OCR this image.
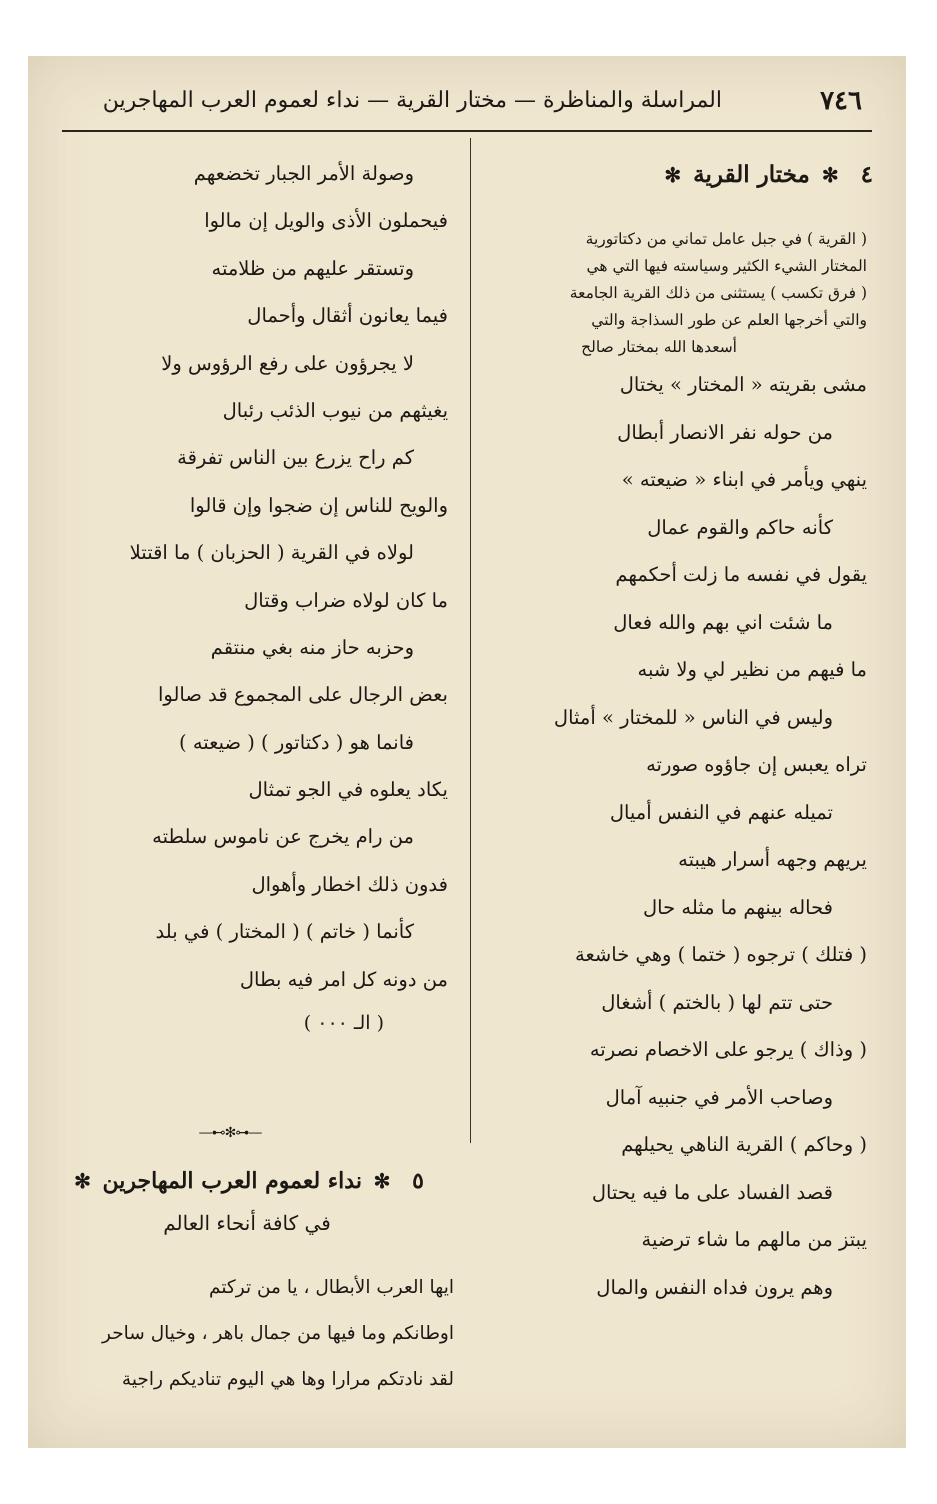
٧٤٦
المراسلة والمناظرة — مختار القرية — نداء لعموم العرب المهاجرين
٤ ✻ مختار القرية ✻
( القرية ) في جبل عامل تماني من دكتاتورية
المختار الشيء الكثير وسياسته فيها التي هي
( فرق تكسب ) يستثنى من ذلك القرية الجامعة
والتي أخرجها العلم عن طور السذاجة والتي
أسعدها الله بمختار صالح
مشى بقريته « المختار » يختال
من حوله نفر الانصار أبطال
ينهي ويأمر في ابناء « ضيعته »
كأنه حاكم والقوم عمال
يقول في نفسه ما زلت أحكمهم
ما شئت اني بهم والله فعال
ما فيهم من نظير لي ولا شبه
وليس في الناس « للمختار » أمثال
تراه يعبس إن جاؤوه صورته
تميله عنهم في النفس أميال
يريهم وجهه أسرار هيبته
فحاله بينهم ما مثله حال
( فتلك ) ترجوه ( ختما ) وهي خاشعة
حتى تتم لها ( بالختم ) أشغال
( وذاك ) يرجو على الاخصام نصرته
وصاحب الأمر في جنبيه آمال
( وحاكم ) القرية الناهي يحيلهم
قصد الفساد على ما فيه يحتال
يبتز من مالهم ما شاء ترضية
وهم يرون فداه النفس والمال
وصولة الأمر الجبار تخضعهم
فيحملون الأذى والويل إن مالوا
وتستقر عليهم من ظلامته
فيما يعانون أثقال وأحمال
لا يجرؤون على رفع الرؤوس ولا
يغيثهم من نيوب الذئب رئبال
كم راح يزرع بين الناس تفرقة
والويح للناس إن ضجوا وإن قالوا
لولاه في القرية ( الحزبان ) ما اقتتلا
ما كان لولاه ضراب وقتال
وحزبه حاز منه بغي منتقم
بعض الرجال على المجموع قد صالوا
فانما هو ( دكتاتور ) ( ضيعته )
يكاد يعلوه في الجو تمثال
من رام يخرج عن ناموس سلطته
فدون ذلك اخطار وأهوال
كأنما ( خاتم ) ( المختار ) في بلد
من دونه كل امر فيه بطال
( الـ ٠٠٠ )
—⊷✻⊶—
٥ ✻ نداء لعموم العرب المهاجرين ✻
في كافة أنحاء العالم
ايها العرب الأبطال ، يا من تركتم
اوطانكم وما فيها من جمال باهر ، وخيال ساحر
لقد نادتكم مرارا وها هي اليوم تناديكم راجية
